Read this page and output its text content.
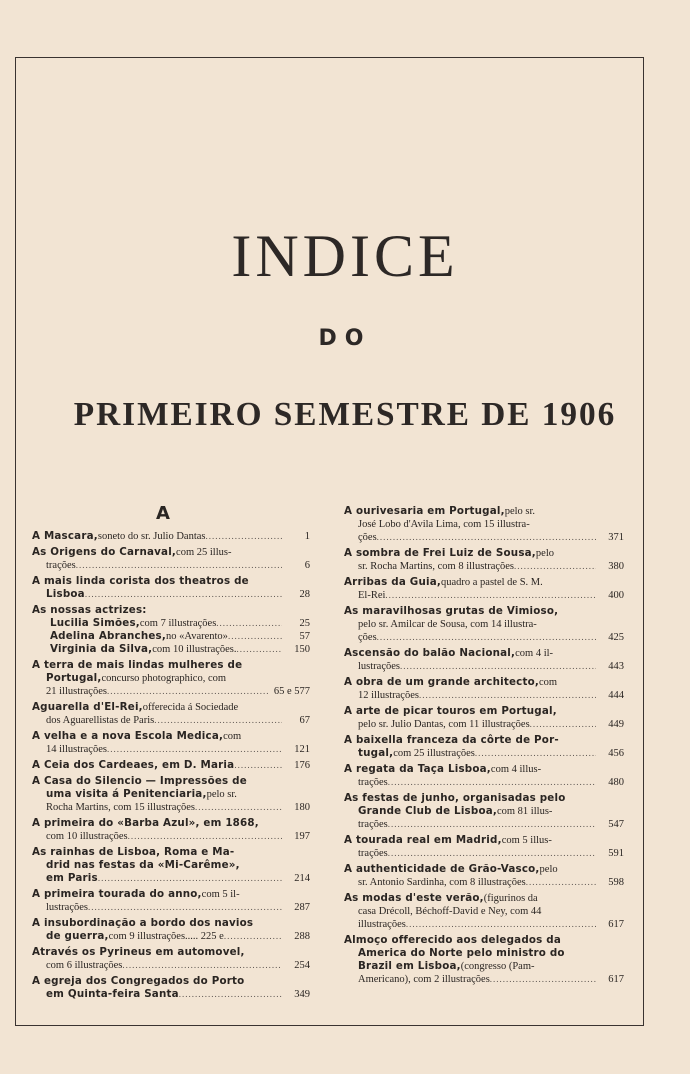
INDICE
DO
PRIMEIRO SEMESTRE DE 1906
A
A Mascara, soneto do sr. Julio Dantas .....	1
As Origens do Carnaval, com 25 illus-
trações .....	6
A mais linda corista dos theatros de
Lisboa .....	28
As nossas actrizes:
Lucilia Simões, com 7 illustrações .....	25
Adelina Abranches, no «Avarento» .....	57
Virginia da Silva, com 10 illustrações. .....	150
A terra de mais lindas mulheres de
Portugal, concurso photographico, com
21 illustrações .....	65 e 577
Aguarella d'El-Rei, offerecida á Sociedade
dos Aguarellistas de Paris .....	67
A velha e a nova Escola Medica, com
14 illustrações .....	121
A Ceia dos Cardeaes, em D. Maria .....	176
A Casa do Silencio — Impressões de
uma visita á Penitenciaria, pelo sr.
Rocha Martins, com 15 illustrações .....	180
A primeira do «Barba Azul», em 1868,
com 10 illustrações .....	197
As rainhas de Lisboa, Roma e Ma-
drid nas festas da «Mi-Carême»,
em Paris .....	214
A primeira tourada do anno, com 5 il-
lustrações .....	287
A insubordinação a bordo dos navios
de guerra, com 9 illustrações..... 225 e .....	288
Através os Pyrineus em automovel,
com 6 illustrações .....	254
A egreja dos Congregados do Porto
em Quinta-feira Santa .....	349
A ourivesaria em Portugal, pelo sr.
José Lobo d'Avila Lima, com 15 illustra-
ções .....	371
A sombra de Frei Luiz de Sousa, pelo
sr. Rocha Martins, com 8 illustrações .....	380
Arribas da Guia, quadro a pastel de S. M.
El-Rei .....	400
As maravilhosas grutas de Vimioso,
pelo sr. Amilcar de Sousa, com 14 illustra-
ções .....	425
Ascensão do balão Nacional, com 4 il-
lustrações .....	443
A obra de um grande architecto, com
12 illustrações .....	444
A arte de picar touros em Portugal,
pelo sr. Julio Dantas, com 11 illustrações .....	449
A baixella franceza da côrte de Por-
tugal, com 25 illustrações .....	456
A regata da Taça Lisboa, com 4 illus-
trações .....	480
As festas de junho, organisadas pelo
Grande Club de Lisboa, com 81 illus-
trações .....	547
A tourada real em Madrid, com 5 illus-
trações .....	591
A authenticidade de Grão-Vasco, pelo
sr. Antonio Sardinha, com 8 illustrações .....	598
As modas d'este verão, (figurinos da
casa Drécoll, Béchoff-David e Ney, com 44
illustrações .....	617
Almoço offerecido aos delegados da
America do Norte pelo ministro do
Brazil em Lisboa, (congresso (Pam-
Americano), com 2 illustrações .....	617
